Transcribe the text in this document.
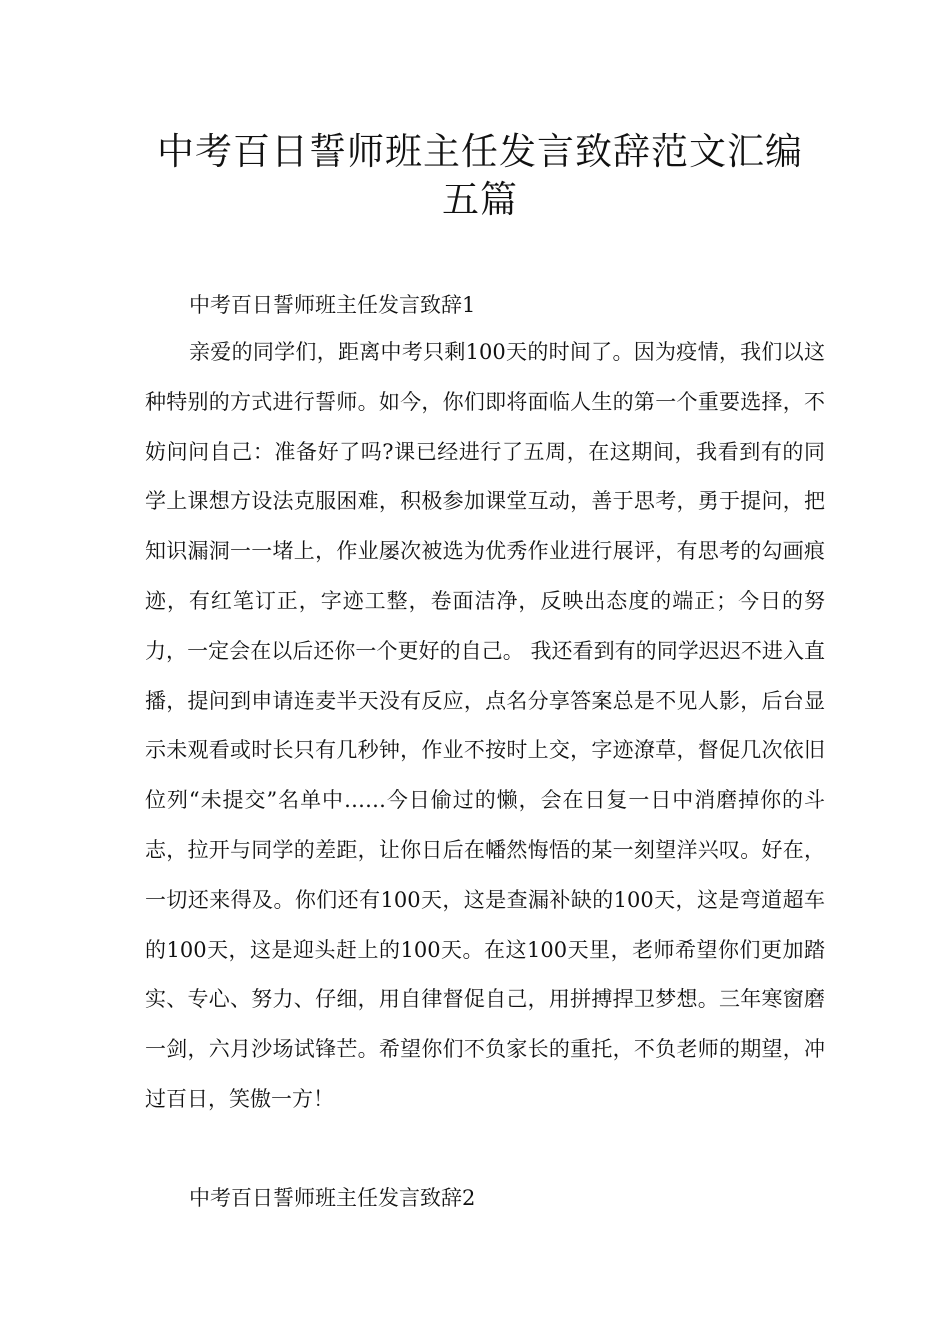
中考百日誓师班主任发言致辞范文汇编五篇

中考百日誓师班主任发言致辞1

亲爱的同学们，距离中考只剩100天的时间了。因为疫情，我们以这种特别的方式进行誓师。如今，你们即将面临人生的第一个重要选择，不妨问问自己：准备好了吗?课已经进行了五周，在这期间，我看到有的同学上课想方设法克服困难，积极参加课堂互动，善于思考，勇于提问，把知识漏洞一一堵上，作业屡次被选为优秀作业进行展评，有思考的勾画痕迹，有红笔订正，字迹工整，卷面洁净，反映出态度的端正；今日的努力，一定会在以后还你一个更好的自己。 我还看到有的同学迟迟不进入直播，提问到申请连麦半天没有反应，点名分享答案总是不见人影，后台显示未观看或时长只有几秒钟，作业不按时上交，字迹潦草，督促几次依旧位列“未提交”名单中……今日偷过的懒，会在日复一日中消磨掉你的斗志，拉开与同学的差距，让你日后在幡然悔悟的某一刻望洋兴叹。好在，一切还来得及。你们还有100天，这是查漏补缺的100天，这是弯道超车的100天，这是迎头赶上的100天。在这100天里，老师希望你们更加踏实、专心、努力、仔细，用自律督促自己，用拼搏捍卫梦想。三年寒窗磨一剑，六月沙场试锋芒。希望你们不负家长的重托，不负老师的期望，冲过百日，笑傲一方！

中考百日誓师班主任发言致辞2
